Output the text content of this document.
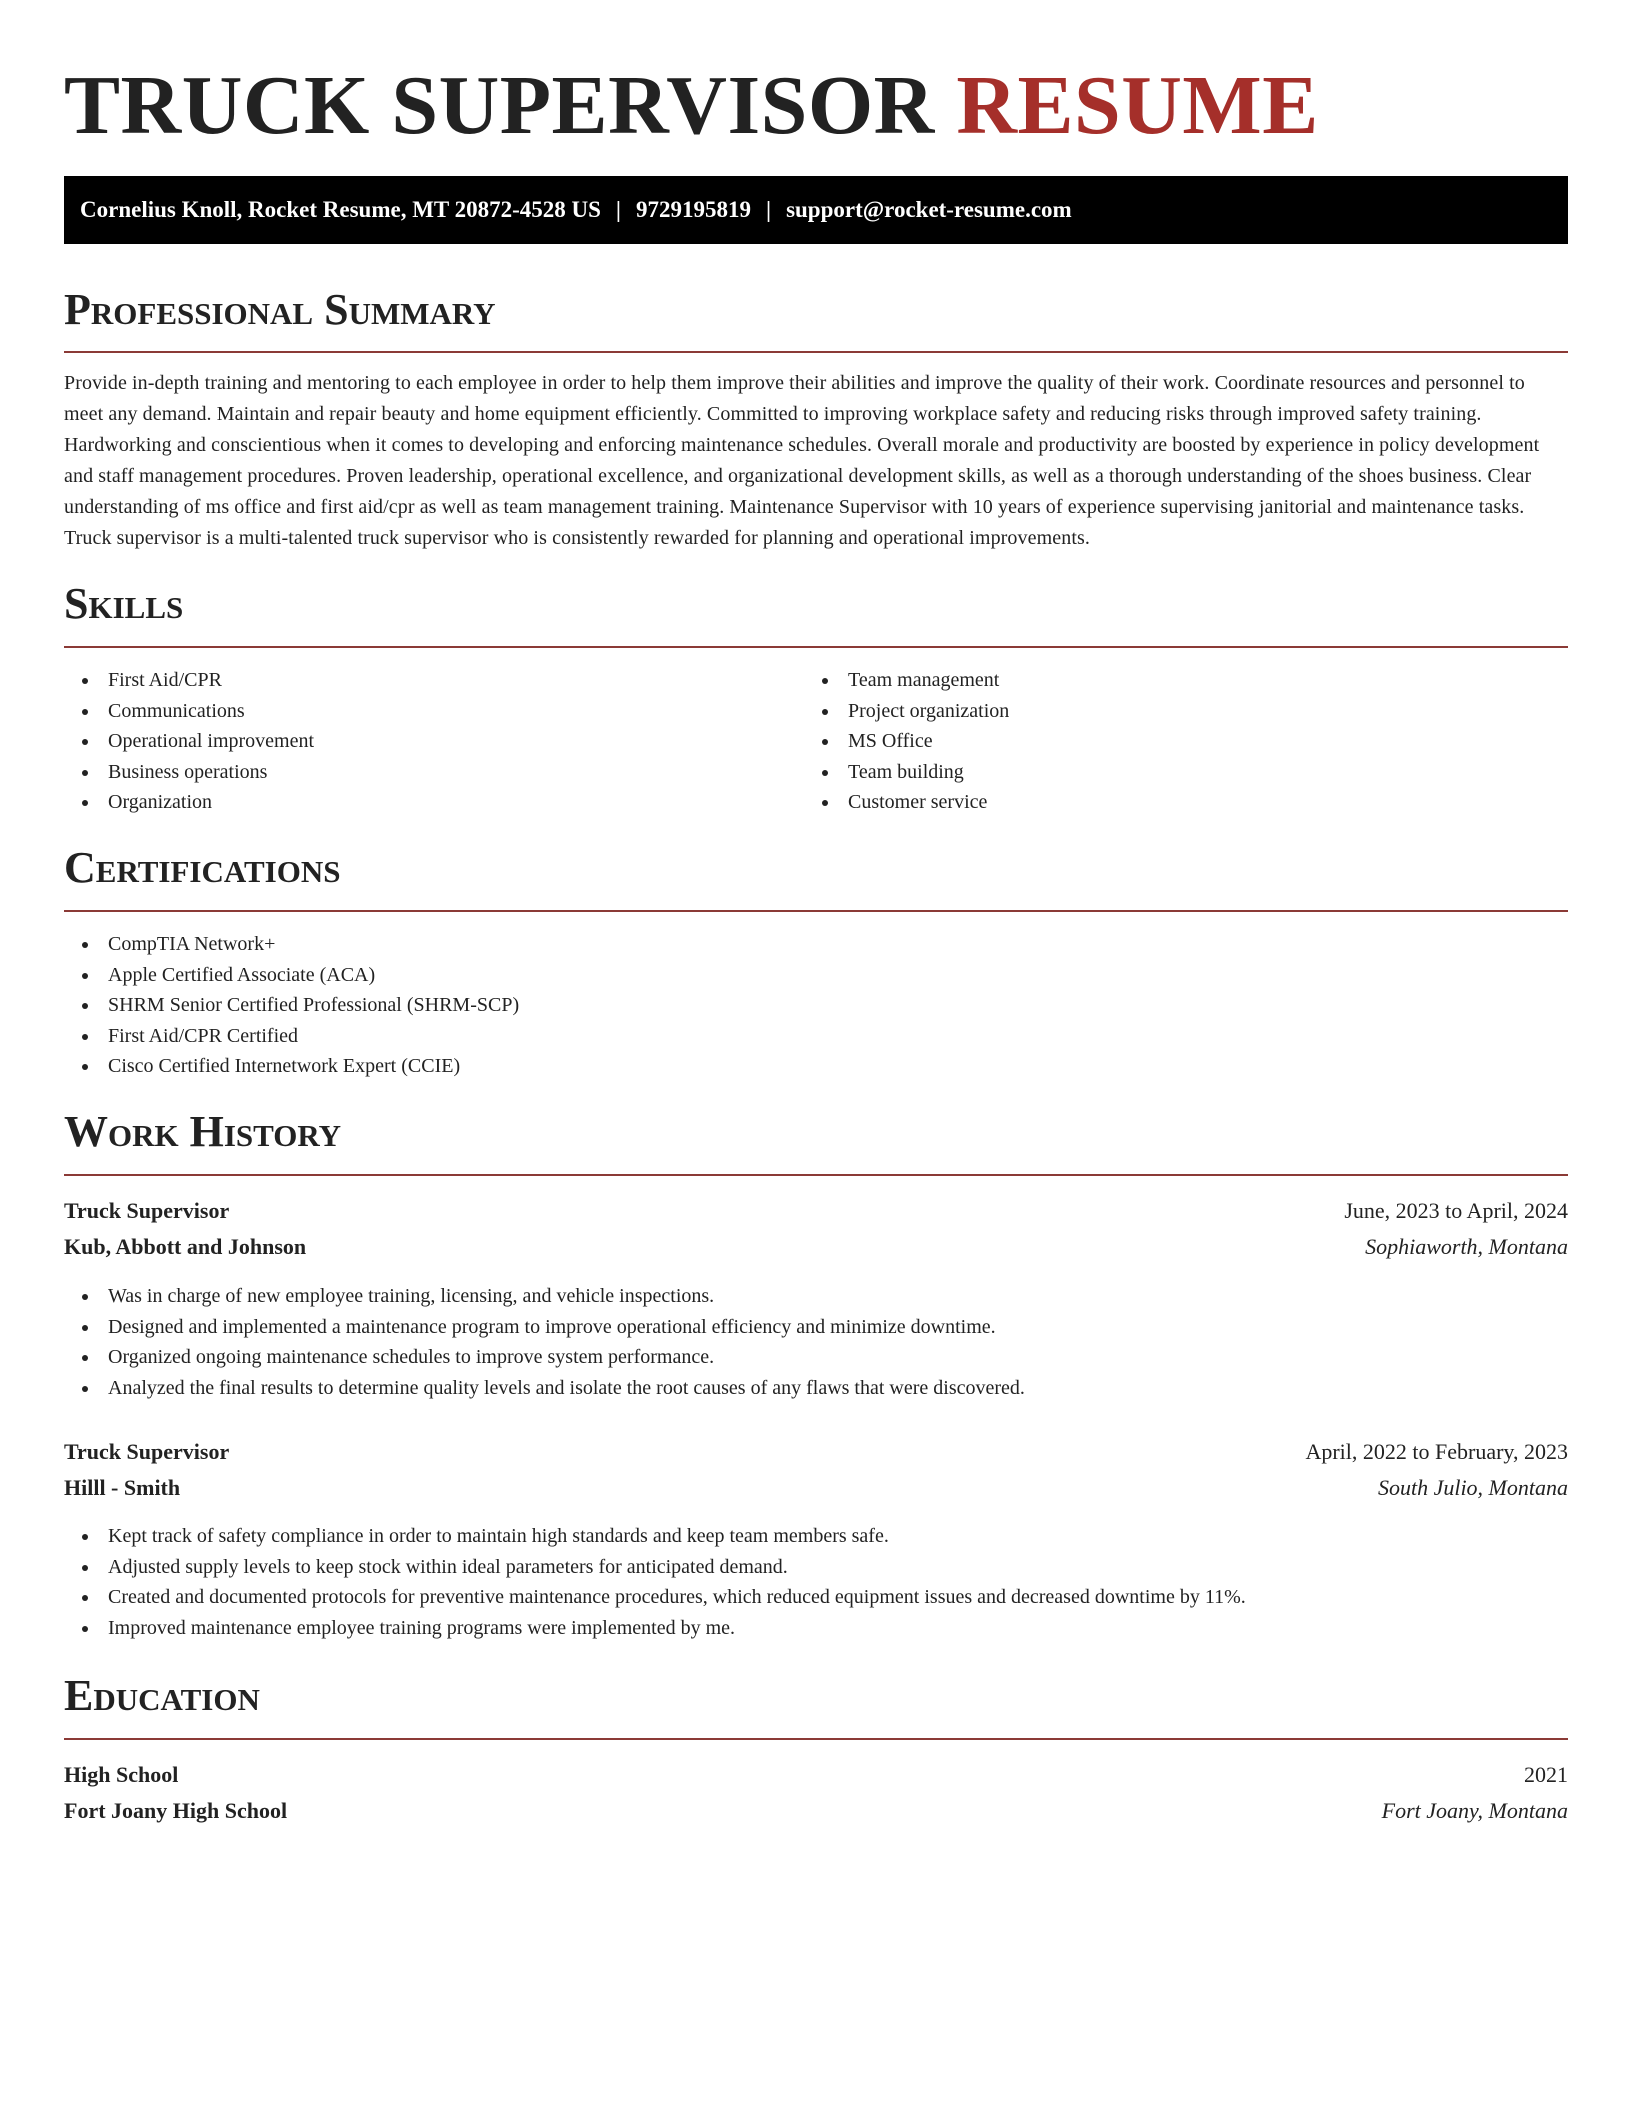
TRUCK SUPERVISOR RESUME
Cornelius Knoll, Rocket Resume, MT 20872-4528 US | 9729195819 | support@rocket-resume.com
Professional Summary

Provide in-depth training and mentoring to each employee in order to help them improve their abilities and improve the quality of their work. Coordinate resources and personnel to meet any demand. Maintain and repair beauty and home equipment efficiently. Committed to improving workplace safety and reducing risks through improved safety training. Hardworking and conscientious when it comes to developing and enforcing maintenance schedules. Overall morale and productivity are boosted by experience in policy development and staff management procedures. Proven leadership, operational excellence, and organizational development skills, as well as a thorough understanding of the shoes business. Clear understanding of ms office and first aid/cpr as well as team management training. Maintenance Supervisor with 10 years of experience supervising janitorial and maintenance tasks. Truck supervisor is a multi-talented truck supervisor who is consistently rewarded for planning and operational improvements.

Skills
First Aid/CPR
Communications
Operational improvement
Business operations
Organization
Team management
Project organization
MS Office
Team building
Customer service
Certifications
CompTIA Network+
Apple Certified Associate (ACA)
SHRM Senior Certified Professional (SHRM-SCP)
First Aid/CPR Certified
Cisco Certified Internetwork Expert (CCIE)
Work History
Truck Supervisor	June, 2023 to April, 2024
Kub, Abbott and Johnson	Sophiaworth, Montana
Was in charge of new employee training, licensing, and vehicle inspections.
Designed and implemented a maintenance program to improve operational efficiency and minimize downtime.
Organized ongoing maintenance schedules to improve system performance.
Analyzed the final results to determine quality levels and isolate the root causes of any flaws that were discovered.
Truck Supervisor	April, 2022 to February, 2023
Hilll - Smith	South Julio, Montana
Kept track of safety compliance in order to maintain high standards and keep team members safe.
Adjusted supply levels to keep stock within ideal parameters for anticipated demand.
Created and documented protocols for preventive maintenance procedures, which reduced equipment issues and decreased downtime by 11%.
Improved maintenance employee training programs were implemented by me.
Education
High School	2021
Fort Joany High School	Fort Joany, Montana
